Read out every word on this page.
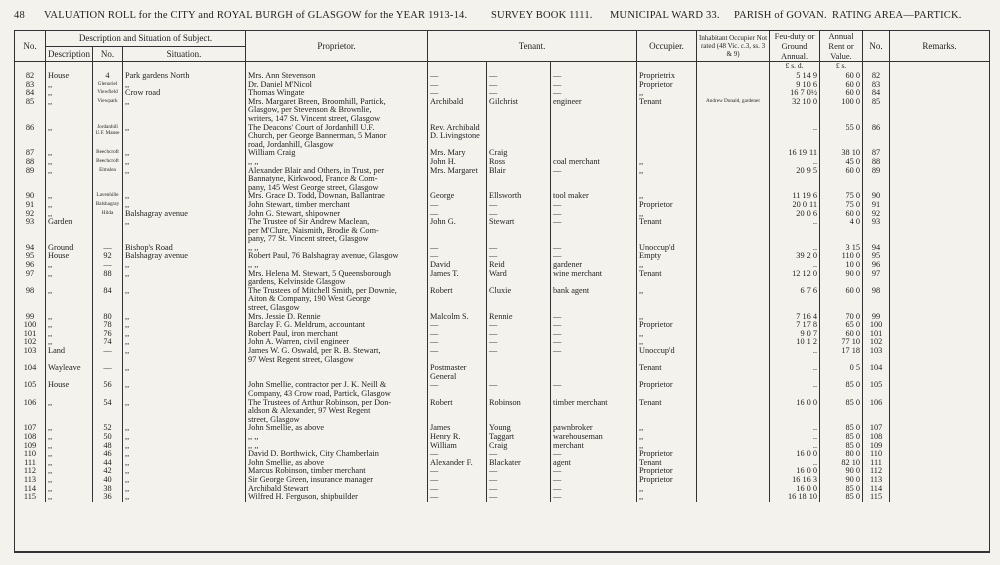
48 VALUATION ROLL for the CITY and ROYAL BURGH of GLASGOW for the YEAR 1913-14. SURVEY BOOK 1111. MUNICIPAL WARD 33. PARISH of GOVAN. RATING AREA—PARTICK.
No.	Description and Situation of Subject.			Proprietor.	Tenant.			Occupier.	Inhabitant Occupier Not rated (48 Vic. c.3, ss. 3 & 9)	Feu-duty or Ground Annual.	Annual Rent or Value.	No.	Remarks.
	Description	No.	Situation.										
										£ s. d.	£ s.		
82	House	4	Park gardens North	Mrs. Ann Stevenson	—	—	—	Proprietrix		5 14 9	60 0	82	
83	,,	Glenoriel	,,	Dr. Daniel M'Nicol	—	—	—	Proprietor		9 10 6	60 0	83	
84	,,	Viewfield	Crow road	Thomas Wingate	—	—	—	,,		16 7 0½	60 0	84	
85	,,	Viewpark	,,	Mrs. Margaret Breen, Broomhill, Partick,
Glasgow, per Stevenson & Brownlie,
writers, 147 St. Vincent street, Glasgow	Archibald	Gilchrist	engineer	Tenant	Andrew Donald, gardener	32 10 0	100 0	85	
86	,,	Jordanhill U.F. Manse	,,	The Deacons' Court of Jordanhill U.F.
Church, per George Bannerman, 5 Manor
road, Jordanhill, Glasgow	Rev. Archibald D. Livingstone					..	55 0	86	
87	,,	Beechcroft	,,	William Craig	Mrs. Mary	Craig				16 19 11	38 10	87	
88	,,	Beechcroft	,,	,, ,,	John H.	Ross	coal merchant	,,		..	45 0	88	
89	,,	Elmslea	,,	Alexander Blair and Others, in Trust, per
Bannatyne, Kirkwood, France & Com-
pany, 145 West George street, Glasgow	Mrs. Margaret	Blair	—	,,		20 9 5	60 0	89	
90	,,	Lavenhille	,,	Mrs. Grace D. Todd, Downan, Ballantrae	George	Ellsworth	tool maker	,,		11 19 6	75 0	90	
91	,,	Balshagray	,,	John Stewart, timber merchant	—	—	—	Proprietor		20 0 11	75 0	91	
92	,,	Hilda	Balshagray avenue	John G. Stewart, shipowner	—	—	—	,,		20 0 6	60 0	92	
93	Garden		,,	The Trustee of Sir Andrew Maclean,
per M'Clure, Naismith, Brodie & Com-
pany, 77 St. Vincent street, Glasgow	John G.	Stewart	—	Tenant		..	4 0	93	
94	Ground	—	Bishop's Road	,, ,,	—	—	—	Unoccup'd		..	3 15	94	
95	House	92	Balshagray avenue	Robert Paul, 76 Balshagray avenue, Glasgow	—	—	—	Empty		39 2 0	110 0	95	
96	,,	—	,,	,, ,,	David	Reid	gardener	,,		..	10 0	96	
97	,,	88	,,	Mrs. Helena M. Stewart, 5 Queensborough
gardens, Kelvinside Glasgow	James T.	Ward	wine merchant	Tenant		12 12 0	90 0	97	
98	,,	84	,,	The Trustees of Mitchell Smith, per Downie,
Aiton & Company, 190 West George
street, Glasgow	Robert	Cluxie	bank agent	,,		6 7 6	60 0	98	
99	,,	80	,,	Mrs. Jessie D. Rennie	Malcolm S.	Rennie	—	,,		7 16 4	70 0	99	
100	,,	78	,,	Barclay F. G. Meldrum, accountant	—	—	—	Proprietor		7 17 8	65 0	100	
101	,,	76	,,	Robert Paul, iron merchant	—	—	—	,,		9 0 7	60 0	101	
102	,,	74	,,	John A. Warren, civil engineer	—	—	—	,,		10 1 2	77 10	102	
103	Land	—	,,	James W. G. Oswald, per R. B. Stewart,
97 West Regent street, Glasgow	—	—	—	Unoccup'd		..	17 18	103	
104	Wayleave	—	,,		Postmaster General			Tenant		..	0 5	104	
105	House	56	,,	John Smellie, contractor per J. K. Neill &
Company, 43 Crow road, Partick, Glasgow	—	—	—	Proprietor		..	85 0	105	
106	,,	54	,,	The Trustees of Arthur Robinson, per Don-
aldson & Alexander, 97 West Regent
street, Glasgow	Robert	Robinson	timber merchant	Tenant		16 0 0	85 0	106	
107	,,	52	,,	John Smellie, as above	James	Young	pawnbroker	,,		..	85 0	107	
108	,,	50	,,	,, ,,	Henry R.	Taggart	warehouseman	,,		..	85 0	108	
109	,,	48	,,	,, ,,	William	Craig	merchant	,,		..	85 0	109	
110	,,	46	,,	David D. Borthwick, City Chamberlain	—	—	—	Proprietor		16 0 0	80 0	110	
111	,,	44	,,	John Smellie, as above	Alexander F.	Blackater	agent	Tenant		..	82 10	111	
112	,,	42	,,	Marcus Robinson, timber merchant	—	—	—	Proprietor		16 0 0	90 0	112	
113	,,	40	,,	Sir George Green, insurance manager	—	—	—	Proprietor		16 16 3	90 0	113	
114	,,	38	,,	Archibald Stewart	—	—	—	,,		16 0 0	85 0	114	
115	,,	36	,,	Wilfred H. Ferguson, shipbuilder	—	—	—	,,		16 18 10	85 0	115	
